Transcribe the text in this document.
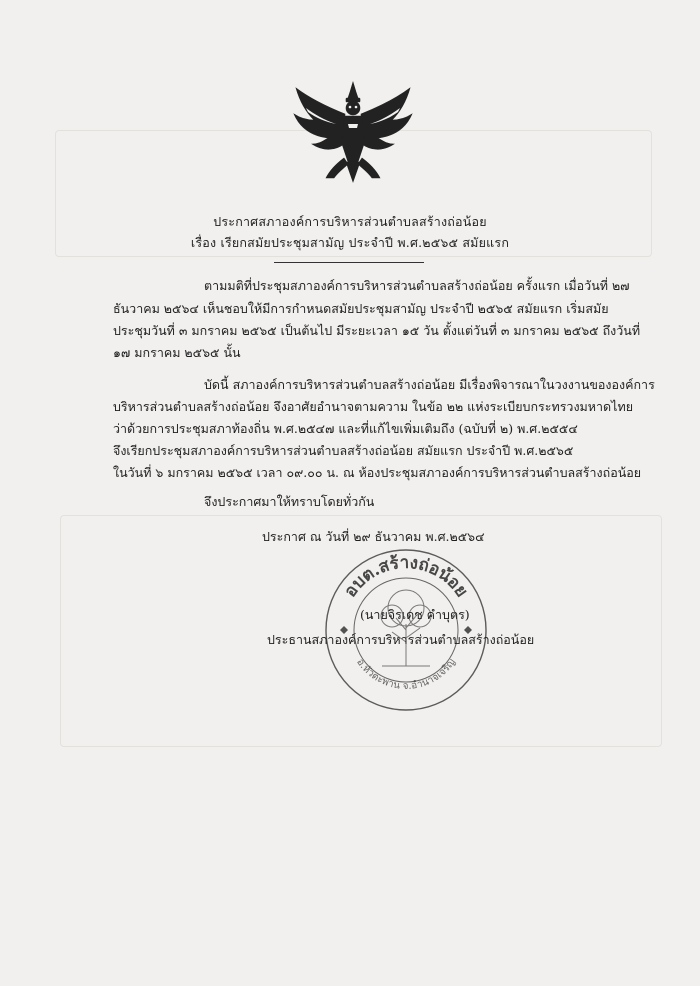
ประกาศสภาองค์การบริหารส่วนตำบลสร้างถ่อน้อย
เรื่อง เรียกสมัยประชุมสามัญ ประจำปี พ.ศ.๒๕๖๕ สมัยแรก
ตามมติที่ประชุมสภาองค์การบริหารส่วนตำบลสร้างถ่อน้อย ครั้งแรก เมื่อวันที่ ๒๗
ธันวาคม ๒๕๖๔ เห็นชอบให้มีการกำหนดสมัยประชุมสามัญ ประจำปี ๒๕๖๕ สมัยแรก เริ่มสมัย
ประชุมวันที่ ๓ มกราคม ๒๕๖๕ เป็นต้นไป มีระยะเวลา ๑๕ วัน ตั้งแต่วันที่ ๓ มกราคม ๒๕๖๕ ถึงวันที่
๑๗ มกราคม ๒๕๖๕ นั้น
บัดนี้ สภาองค์การบริหารส่วนตำบลสร้างถ่อน้อย มีเรื่องพิจารณาในวงงานขององค์การ
บริหารส่วนตำบลสร้างถ่อน้อย จึงอาศัยอำนาจตามความ ในข้อ ๒๒ แห่งระเบียบกระทรวงมหาดไทย
ว่าด้วยการประชุมสภาท้องถิ่น พ.ศ.๒๕๔๗ และที่แก้ไขเพิ่มเติมถึง (ฉบับที่ ๒) พ.ศ.๒๕๕๔
จึงเรียกประชุมสภาองค์การบริหารส่วนตำบลสร้างถ่อน้อย สมัยแรก ประจำปี พ.ศ.๒๕๖๕
ในวันที่ ๖ มกราคม ๒๕๖๕ เวลา ๐๙.๐๐ น. ณ ห้องประชุมสภาองค์การบริหารส่วนตำบลสร้างถ่อน้อย
จึงประกาศมาให้ทราบโดยทั่วกัน
ประกาศ ณ วันที่ ๒๙ ธันวาคม พ.ศ.๒๕๖๔
อบต.สร้างถ่อน้อย
อ.หัวตะพาน จ.อำนาจเจริญ
(นายจิรเดช คำบุตร)
ประธานสภาองค์การบริหารส่วนตำบลสร้างถ่อน้อย
